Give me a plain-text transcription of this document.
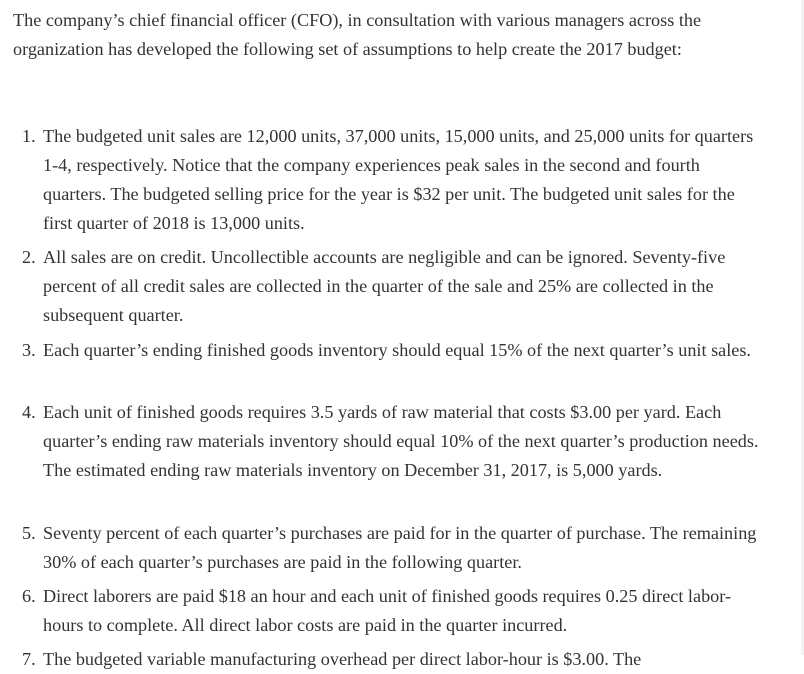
The company’s chief financial officer (CFO), in consultation with various managers across the organization has developed the following set of assumptions to help create the 2017 budget:

1. The budgeted unit sales are 12,000 units, 37,000 units, 15,000 units, and 25,000 units for quarters 1-4, respectively. Notice that the company experiences peak sales in the second and fourth quarters. The budgeted selling price for the year is $32 per unit. The budgeted unit sales for the first quarter of 2018 is 13,000 units.
2. All sales are on credit. Uncollectible accounts are negligible and can be ignored. Seventy-five percent of all credit sales are collected in the quarter of the sale and 25% are collected in the subsequent quarter.
3. Each quarter’s ending finished goods inventory should equal 15% of the next quarter’s unit sales.
4. Each unit of finished goods requires 3.5 yards of raw material that costs $3.00 per yard. Each quarter’s ending raw materials inventory should equal 10% of the next quarter’s production needs. The estimated ending raw materials inventory on December 31, 2017, is 5,000 yards.
5. Seventy percent of each quarter’s purchases are paid for in the quarter of purchase. The remaining 30% of each quarter’s purchases are paid in the following quarter.
6. Direct laborers are paid $18 an hour and each unit of finished goods requires 0.25 direct labor-hours to complete. All direct labor costs are paid in the quarter incurred.
7. The budgeted variable manufacturing overhead per direct labor-hour is $3.00. The
